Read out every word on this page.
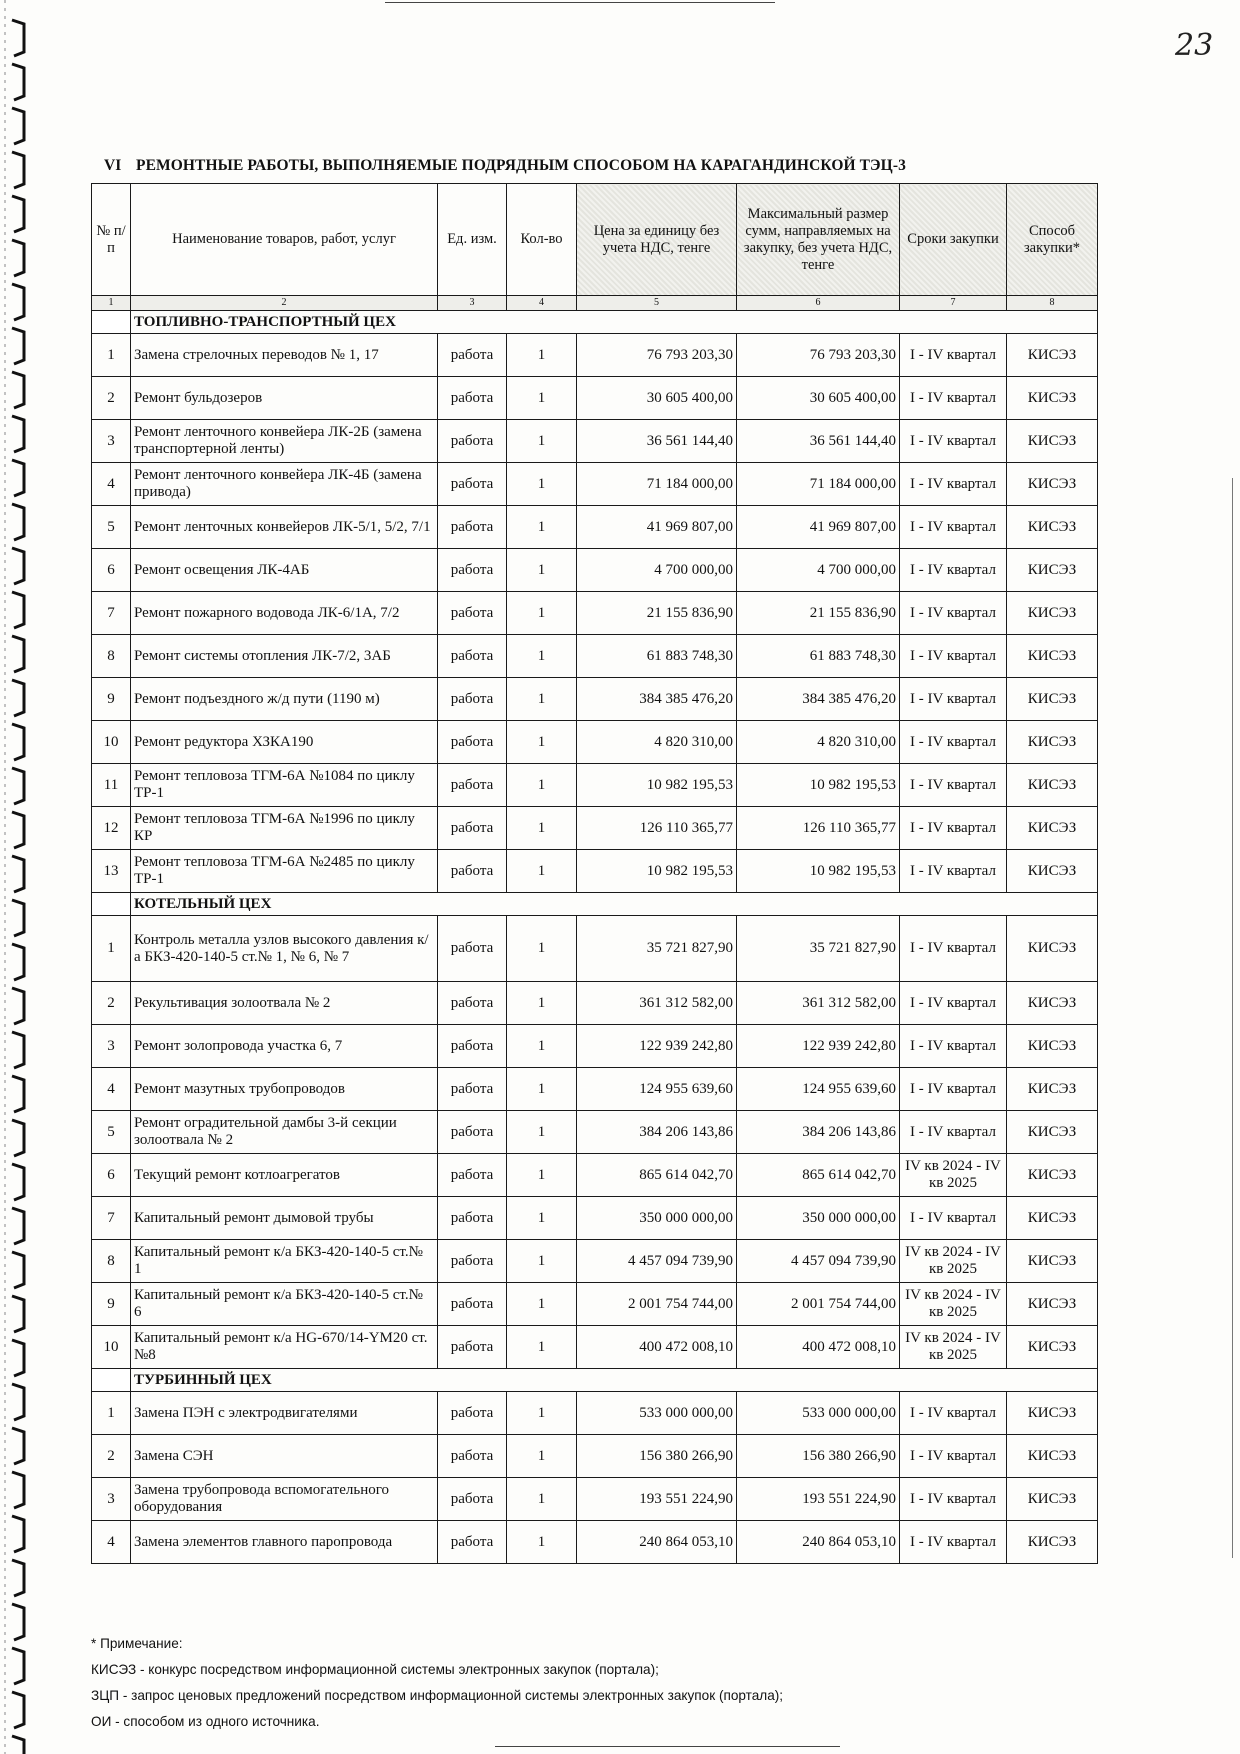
23
VI РЕМОНТНЫЕ РАБОТЫ, ВЫПОЛНЯЕМЫЕ ПОДРЯДНЫМ СПОСОБОМ НА КАРАГАНДИНСКОЙ ТЭЦ-3
№ п/п	Наименование товаров, работ, услуг	Ед. изм.	Кол-во	Цена за единицу без учета НДС, тенге	Максимальный размер сумм, направляемых на закупку, без учета НДС, тенге	Сроки закупки	Способ закупки*
1	2	3	4	5	6	7	8
	ТОПЛИВНО-ТРАНСПОРТНЫЙ ЦЕХ						
1	Замена стрелочных переводов № 1, 17	работа	1	76 793 203,30	76 793 203,30	I - IV квартал	КИСЭЗ
2	Ремонт бульдозеров	работа	1	30 605 400,00	30 605 400,00	I - IV квартал	КИСЭЗ
3	Ремонт ленточного конвейера ЛК-2Б (замена транспортерной ленты)	работа	1	36 561 144,40	36 561 144,40	I - IV квартал	КИСЭЗ
4	Ремонт ленточного конвейера ЛК-4Б (замена привода)	работа	1	71 184 000,00	71 184 000,00	I - IV квартал	КИСЭЗ
5	Ремонт ленточных конвейеров ЛК-5/1, 5/2, 7/1	работа	1	41 969 807,00	41 969 807,00	I - IV квартал	КИСЭЗ
6	Ремонт освещения ЛК-4АБ	работа	1	4 700 000,00	4 700 000,00	I - IV квартал	КИСЭЗ
7	Ремонт пожарного водовода ЛК-6/1А, 7/2	работа	1	21 155 836,90	21 155 836,90	I - IV квартал	КИСЭЗ
8	Ремонт системы отопления ЛК-7/2, 3АБ	работа	1	61 883 748,30	61 883 748,30	I - IV квартал	КИСЭЗ
9	Ремонт подъездного ж/д пути (1190 м)	работа	1	384 385 476,20	384 385 476,20	I - IV квартал	КИСЭЗ
10	Ремонт редуктора ХЗКА190	работа	1	4 820 310,00	4 820 310,00	I - IV квартал	КИСЭЗ
11	Ремонт тепловоза ТГМ-6А №1084 по циклу ТР-1	работа	1	10 982 195,53	10 982 195,53	I - IV квартал	КИСЭЗ
12	Ремонт тепловоза ТГМ-6А №1996 по циклу КР	работа	1	126 110 365,77	126 110 365,77	I - IV квартал	КИСЭЗ
13	Ремонт тепловоза ТГМ-6А №2485 по циклу ТР-1	работа	1	10 982 195,53	10 982 195,53	I - IV квартал	КИСЭЗ
	КОТЕЛЬНЫЙ ЦЕХ						
1	Контроль металла узлов высокого давления к/а БКЗ-420-140-5 ст.№ 1, № 6, № 7	работа	1	35 721 827,90	35 721 827,90	I - IV квартал	КИСЭЗ
2	Рекультивация золоотвала № 2	работа	1	361 312 582,00	361 312 582,00	I - IV квартал	КИСЭЗ
3	Ремонт золопровода участка 6, 7	работа	1	122 939 242,80	122 939 242,80	I - IV квартал	КИСЭЗ
4	Ремонт мазутных трубопроводов	работа	1	124 955 639,60	124 955 639,60	I - IV квартал	КИСЭЗ
5	Ремонт оградительной дамбы 3-й секции золоотвала № 2	работа	1	384 206 143,86	384 206 143,86	I - IV квартал	КИСЭЗ
6	Текущий ремонт котлоагрегатов	работа	1	865 614 042,70	865 614 042,70	IV кв 2024 - IV кв 2025	КИСЭЗ
7	Капитальный ремонт дымовой трубы	работа	1	350 000 000,00	350 000 000,00	I - IV квартал	КИСЭЗ
8	Капитальный ремонт к/а БКЗ-420-140-5 ст.№ 1	работа	1	4 457 094 739,90	4 457 094 739,90	IV кв 2024 - IV кв 2025	КИСЭЗ
9	Капитальный ремонт к/а БКЗ-420-140-5 ст.№ 6	работа	1	2 001 754 744,00	2 001 754 744,00	IV кв 2024 - IV кв 2025	КИСЭЗ
10	Капитальный ремонт к/а HG-670/14-YM20 ст.№8	работа	1	400 472 008,10	400 472 008,10	IV кв 2024 - IV кв 2025	КИСЭЗ
	ТУРБИННЫЙ ЦЕХ						
1	Замена ПЭН с электродвигателями	работа	1	533 000 000,00	533 000 000,00	I - IV квартал	КИСЭЗ
2	Замена СЭН	работа	1	156 380 266,90	156 380 266,90	I - IV квартал	КИСЭЗ
3	Замена трубопровода вспомогательного оборудования	работа	1	193 551 224,90	193 551 224,90	I - IV квартал	КИСЭЗ
4	Замена элементов главного паропровода	работа	1	240 864 053,10	240 864 053,10	I - IV квартал	КИСЭЗ
* Примечание:
КИСЭЗ - конкурс посредством информационной системы электронных закупок (портала);
ЗЦП - запрос ценовых предложений посредством информационной системы электронных закупок (портала);
ОИ - способом из одного источника.
